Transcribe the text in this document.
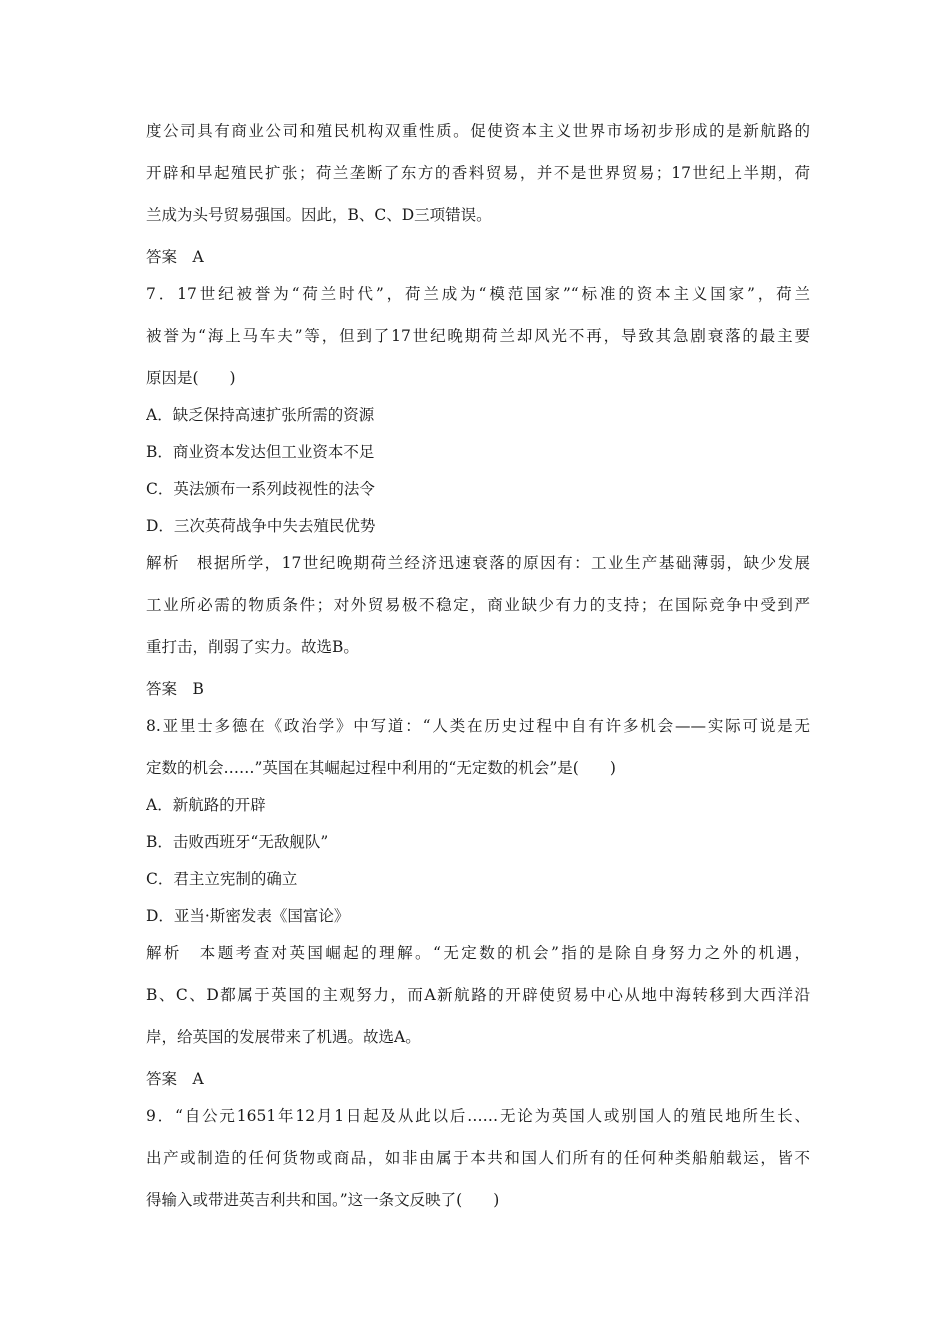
度公司具有商业公司和殖民机构双重性质。促使资本主义世界市场初步形成的是新航路的
开辟和早起殖民扩张；荷兰垄断了东方的香料贸易，并不是世界贸易；17世纪上半期，荷
兰成为头号贸易强国。因此，B、C、D三项错误。
答案　A
7．17世纪被誉为“荷兰时代”，荷兰成为“模范国家”“标准的资本主义国家”，荷兰
被誉为“海上马车夫”等，但到了17世纪晚期荷兰却风光不再，导致其急剧衰落的最主要
原因是(　　)
A．缺乏保持高速扩张所需的资源
B．商业资本发达但工业资本不足
C．英法颁布一系列歧视性的法令
D．三次英荷战争中失去殖民优势
解析　根据所学，17世纪晚期荷兰经济迅速衰落的原因有：工业生产基础薄弱，缺少发展
工业所必需的物质条件；对外贸易极不稳定，商业缺少有力的支持；在国际竞争中受到严
重打击，削弱了实力。故选B。
答案　B
8.亚里士多德在《政治学》中写道：“人类在历史过程中自有许多机会——实际可说是无
定数的机会……”英国在其崛起过程中利用的“无定数的机会”是(　　)
A．新航路的开辟
B．击败西班牙“无敌舰队”
C．君主立宪制的确立
D．亚当·斯密发表《国富论》
解析　本题考查对英国崛起的理解。“无定数的机会”指的是除自身努力之外的机遇，
B、C、D都属于英国的主观努力，而A新航路的开辟使贸易中心从地中海转移到大西洋沿
岸，给英国的发展带来了机遇。故选A。
答案　A
9．“自公元1651年12月1日起及从此以后……无论为英国人或别国人的殖民地所生长、
出产或制造的任何货物或商品，如非由属于本共和国人们所有的任何种类船舶载运，皆不
得输入或带进英吉利共和国。”这一条文反映了(　　)
